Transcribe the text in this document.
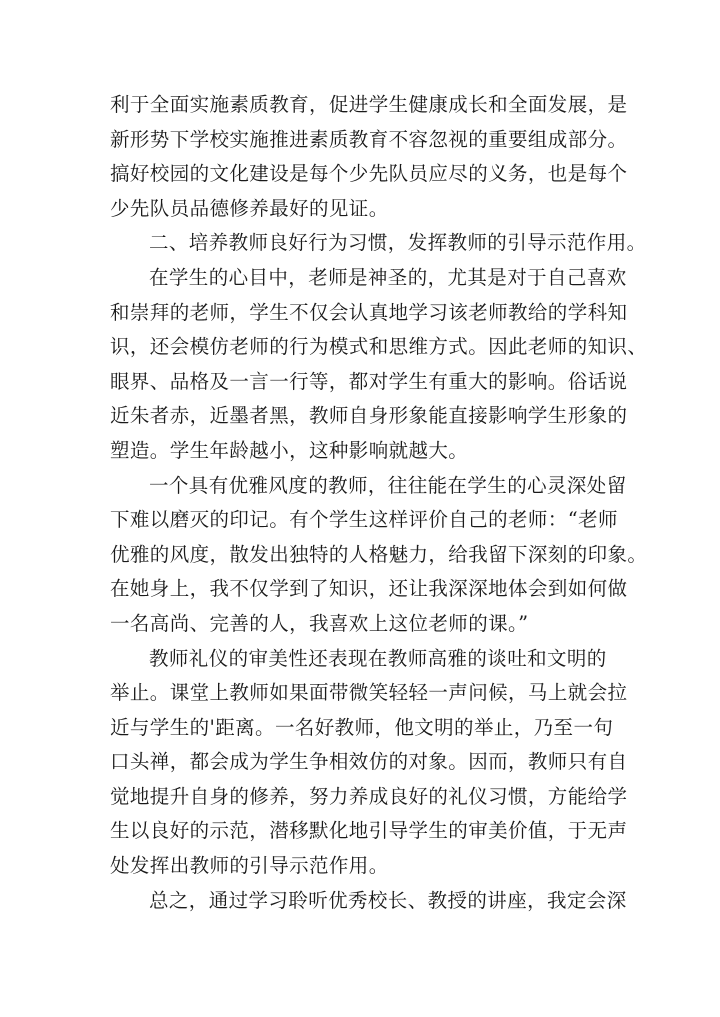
利于全面实施素质教育，促进学生健康成长和全面发展，是
新形势下学校实施推进素质教育不容忽视的重要组成部分。
搞好校园的文化建设是每个少先队员应尽的义务，也是每个
少先队员品德修养最好的见证。
二、培养教师良好行为习惯，发挥教师的引导示范作用。
在学生的心目中，老师是神圣的，尤其是对于自己喜欢
和崇拜的老师，学生不仅会认真地学习该老师教给的学科知
识，还会模仿老师的行为模式和思维方式。因此老师的知识、
眼界、品格及一言一行等，都对学生有重大的影响。俗话说
近朱者赤，近墨者黑，教师自身形象能直接影响学生形象的
塑造。学生年龄越小，这种影响就越大。
一个具有优雅风度的教师，往往能在学生的心灵深处留
下难以磨灭的印记。有个学生这样评价自己的老师：“老师
优雅的风度，散发出独特的人格魅力，给我留下深刻的印象。
在她身上，我不仅学到了知识，还让我深深地体会到如何做
一名高尚、完善的人，我喜欢上这位老师的课。”
教师礼仪的审美性还表现在教师高雅的谈吐和文明的
举止。课堂上教师如果面带微笑轻轻一声问候，马上就会拉
近与学生的'距离。一名好教师，他文明的举止，乃至一句
口头禅，都会成为学生争相效仿的对象。因而，教师只有自
觉地提升自身的修养，努力养成良好的礼仪习惯，方能给学
生以良好的示范，潜移默化地引导学生的审美价值，于无声
处发挥出教师的引导示范作用。
总之，通过学习聆听优秀校长、教授的讲座，我定会深
